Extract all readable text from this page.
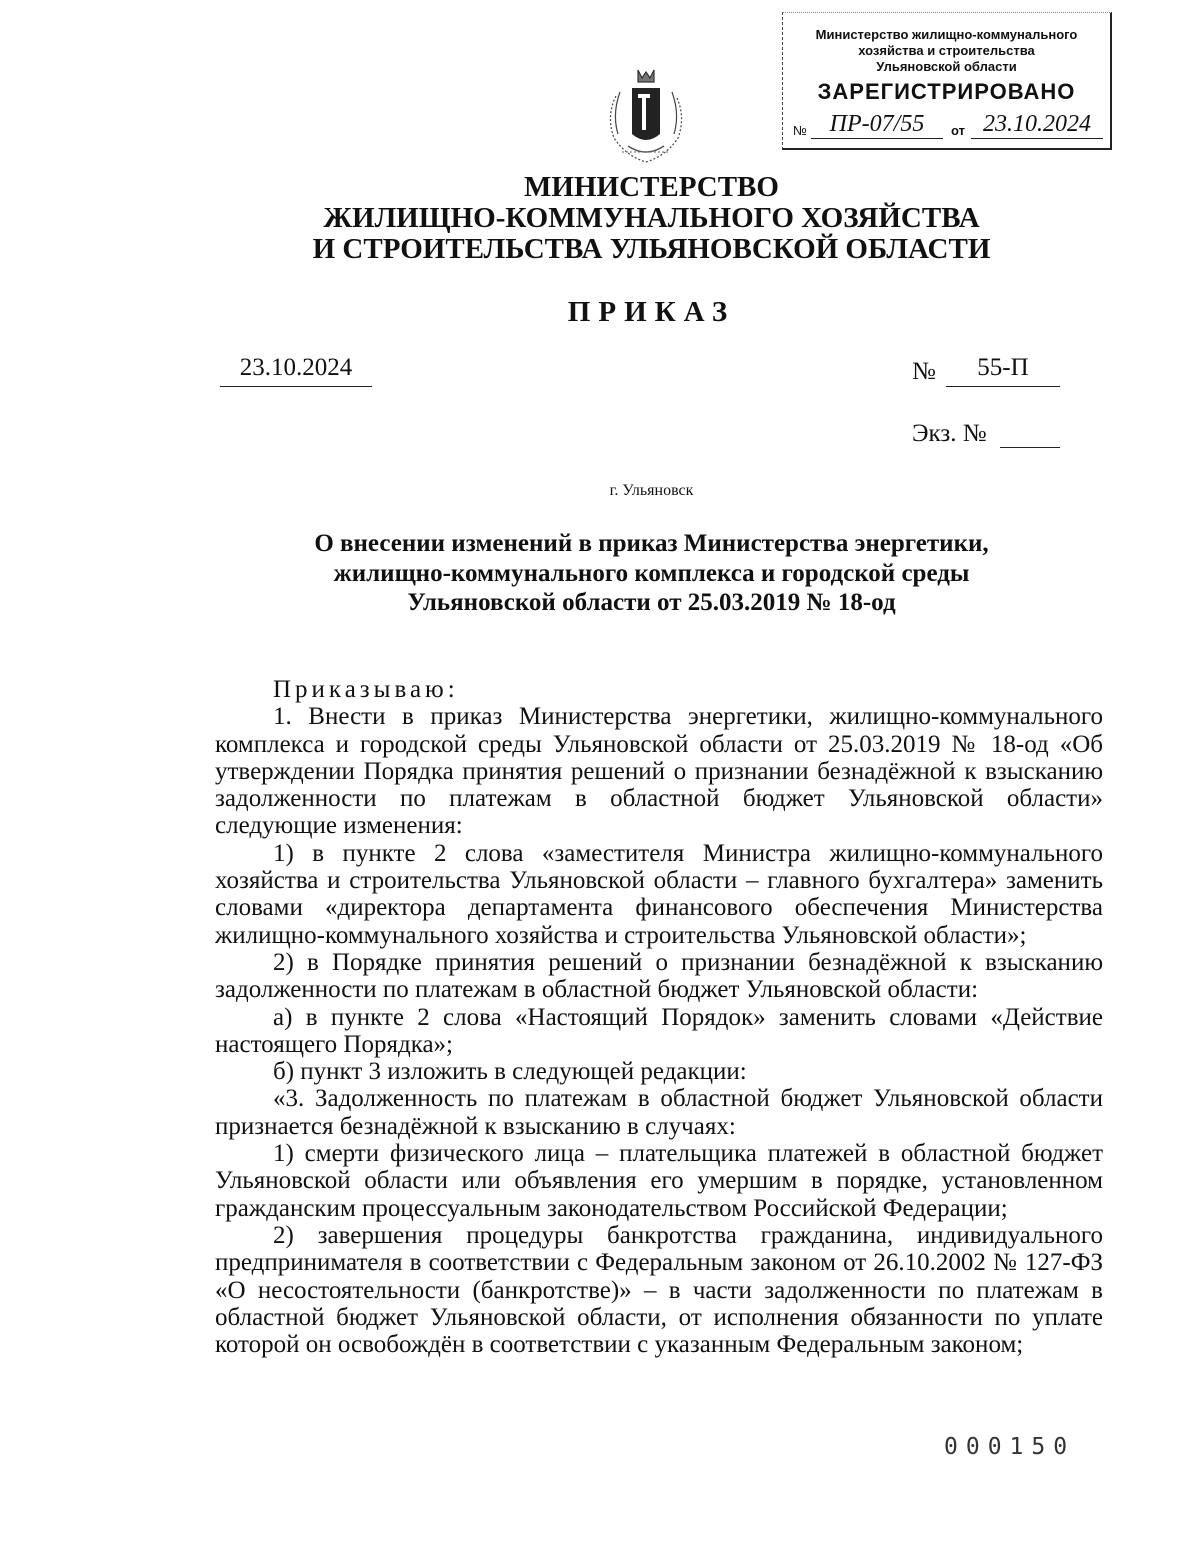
Министерство жилищно-коммунального
хозяйства и строительства
Ульяновской области
ЗАРЕГИСТРИРОВАНО
№ ПР-07/55	от 23.10.2024
МИНИСТЕРСТВО
ЖИЛИЩНО-КОММУНАЛЬНОГО ХОЗЯЙСТВА
И СТРОИТЕЛЬСТВА УЛЬЯНОВСКОЙ ОБЛАСТИ
ПРИКАЗ
23.10.2024	№	55-П
Экз. №
г. Ульяновск
О внесении изменений в приказ Министерства энергетики,
жилищно-коммунального комплекса и городской среды
Ульяновской области от 25.03.2019 № 18-од

Приказываю:

1. Внести в приказ Министерства энергетики, жилищно-коммунального комплекса и городской среды Ульяновской области от 25.03.2019 № 18-од «Об утверждении Порядка принятия решений о признании безнадёжной к взысканию задолженности по платежам в областной бюджет Ульяновской области» следующие изменения:

1) в пункте 2 слова «заместителя Министра жилищно-коммунального хозяйства и строительства Ульяновской области – главного бухгалтера» заменить словами «директора департамента финансового обеспечения Министерства жилищно-коммунального хозяйства и строительства Ульяновской области»;

2) в Порядке принятия решений о признании безнадёжной к взысканию задолженности по платежам в областной бюджет Ульяновской области:

а) в пункте 2 слова «Настоящий Порядок» заменить словами «Действие настоящего Порядка»;

б) пункт 3 изложить в следующей редакции:

«3. Задолженность по платежам в областной бюджет Ульяновской области признается безнадёжной к взысканию в случаях:

1) смерти физического лица – плательщика платежей в областной бюджет Ульяновской области или объявления его умершим в порядке, установленном гражданским процессуальным законодательством Российской Федерации;

2) завершения процедуры банкротства гражданина, индивидуального предпринимателя в соответствии с Федеральным законом от 26.10.2002 № 127-ФЗ «О несостоятельности (банкротстве)» – в части задолженности по платежам в областной бюджет Ульяновской области, от исполнения обязанности по уплате которой он освобождён в соответствии с указанным Федеральным законом;

000150
